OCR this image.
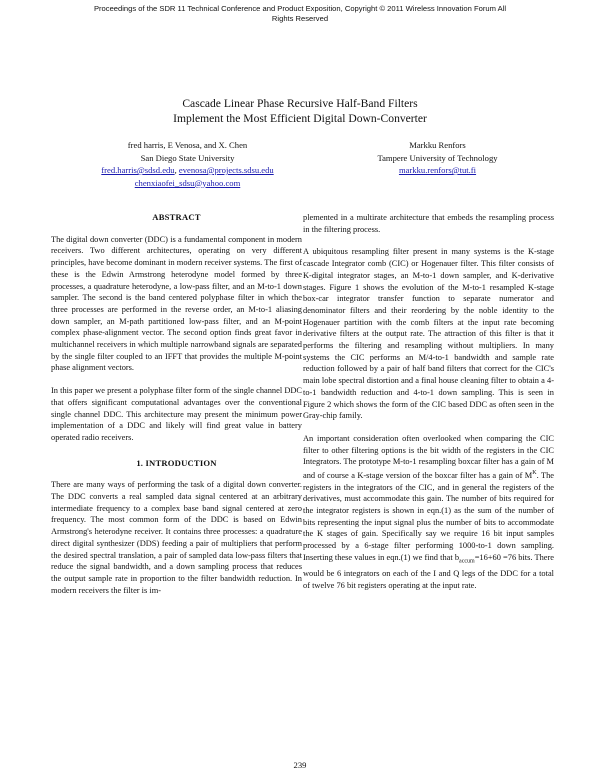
Proceedings of the SDR 11 Technical Conference and Product Exposition, Copyright © 2011 Wireless Innovation Forum All
Rights Reserved
Cascade Linear Phase Recursive Half-Band Filters
Implement the Most Efficient Digital Down-Converter
fred harris, E Venosa, and X. Chen
San Diego State University
fred.harris@sdsd.edu, evenosa@projects.sdsu.edu
chenxiaofei_sdsu@yahoo.com
Markku Renfors
Tampere University of Technology
markku.renfors@tut.fi
ABSTRACT

The digital down converter (DDC) is a fundamental component in modern receivers. Two different architectures, operating on very different principles, have become dominant in modern receiver systems. The first of these is the Edwin Armstrong heterodyne model formed by three processes, a quadrature heterodyne, a low-pass filter, and an M-to-1 down sampler. The second is the band centered polyphase filter in which the three processes are performed in the reverse order, an M-to-1 aliasing down sampler, an M-path partitioned low-pass filter, and an M-point complex phase-alignment vector. The second option finds great favor in multichannel receivers in which multiple narrowband signals are separated by the single filter coupled to an IFFT that provides the multiple M-point phase alignment vectors.

In this paper we present a polyphase filter form of the single channel DDC that offers significant computational advantages over the conventional single channel DDC. This architecture may present the minimum power implementation of a DDC and likely will find great value in battery operated radio receivers.

1. INTRODUCTION

There are many ways of performing the task of a digital down converter. The DDC converts a real sampled data signal centered at an arbitrary intermediate frequency to a complex base band signal centered at zero frequency. The most common form of the DDC is based on Edwin Armstrong's heterodyne receiver. It contains three processes: a quadrature direct digital synthesizer (DDS) feeding a pair of multipliers that perform the desired spectral translation, a pair of sampled data low-pass filters that reduce the signal bandwidth, and a down sampling process that reduces the output sample rate in proportion to the filter bandwidth reduction. In modern receivers the filter is im-

plemented in a multirate architecture that embeds the resampling process in the filtering process.

A ubiquitous resampling filter present in many systems is the K-stage cascade Integrator comb (CIC) or Hogenauer filter. This filter consists of K-digital integrator stages, an M-to-1 down sampler, and K-derivative stages. Figure 1 shows the evolution of the M-to-1 resampled K-stage box-car integrator transfer function to separate numerator and denominator filters and their reordering by the noble identity to the Hogenauer partition with the comb filters at the input rate becoming derivative filters at the output rate. The attraction of this filter is that it performs the filtering and resampling without multipliers. In many systems the CIC performs an M/4-to-1 bandwidth and sample rate reduction followed by a pair of half band filters that correct for the CIC's main lobe spectral distortion and a final house cleaning filter to obtain a 4-to-1 bandwidth reduction and 4-to-1 down sampling. This is seen in Figure 2 which shows the form of the CIC based DDC as often seen in the Gray-chip family.

An important consideration often overlooked when comparing the CIC filter to other filtering options is the bit width of the registers in the CIC Integrators. The prototype M-to-1 resampling boxcar filter has a gain of M and of course a K-stage version of the boxcar filter has a gain of $M^K$. The registers in the integrators of the CIC, and in general the registers of the derivatives, must accommodate this gain. The number of bits required for the integrator registers is shown in eqn.(1) as the sum of the number of bits representing the input signal plus the number of bits to accommodate the K stages of gain. Specifically say we require 16 bit input samples processed by a 6-stage filter performing 1000-to-1 down sampling. Inserting these values in eqn.(1) we find that $b_{accum}=16+60 =76$ bits. There would be 6 integrators on each of the I and Q legs of the DDC for a total of twelve 76 bit registers operating at the input rate.

239
